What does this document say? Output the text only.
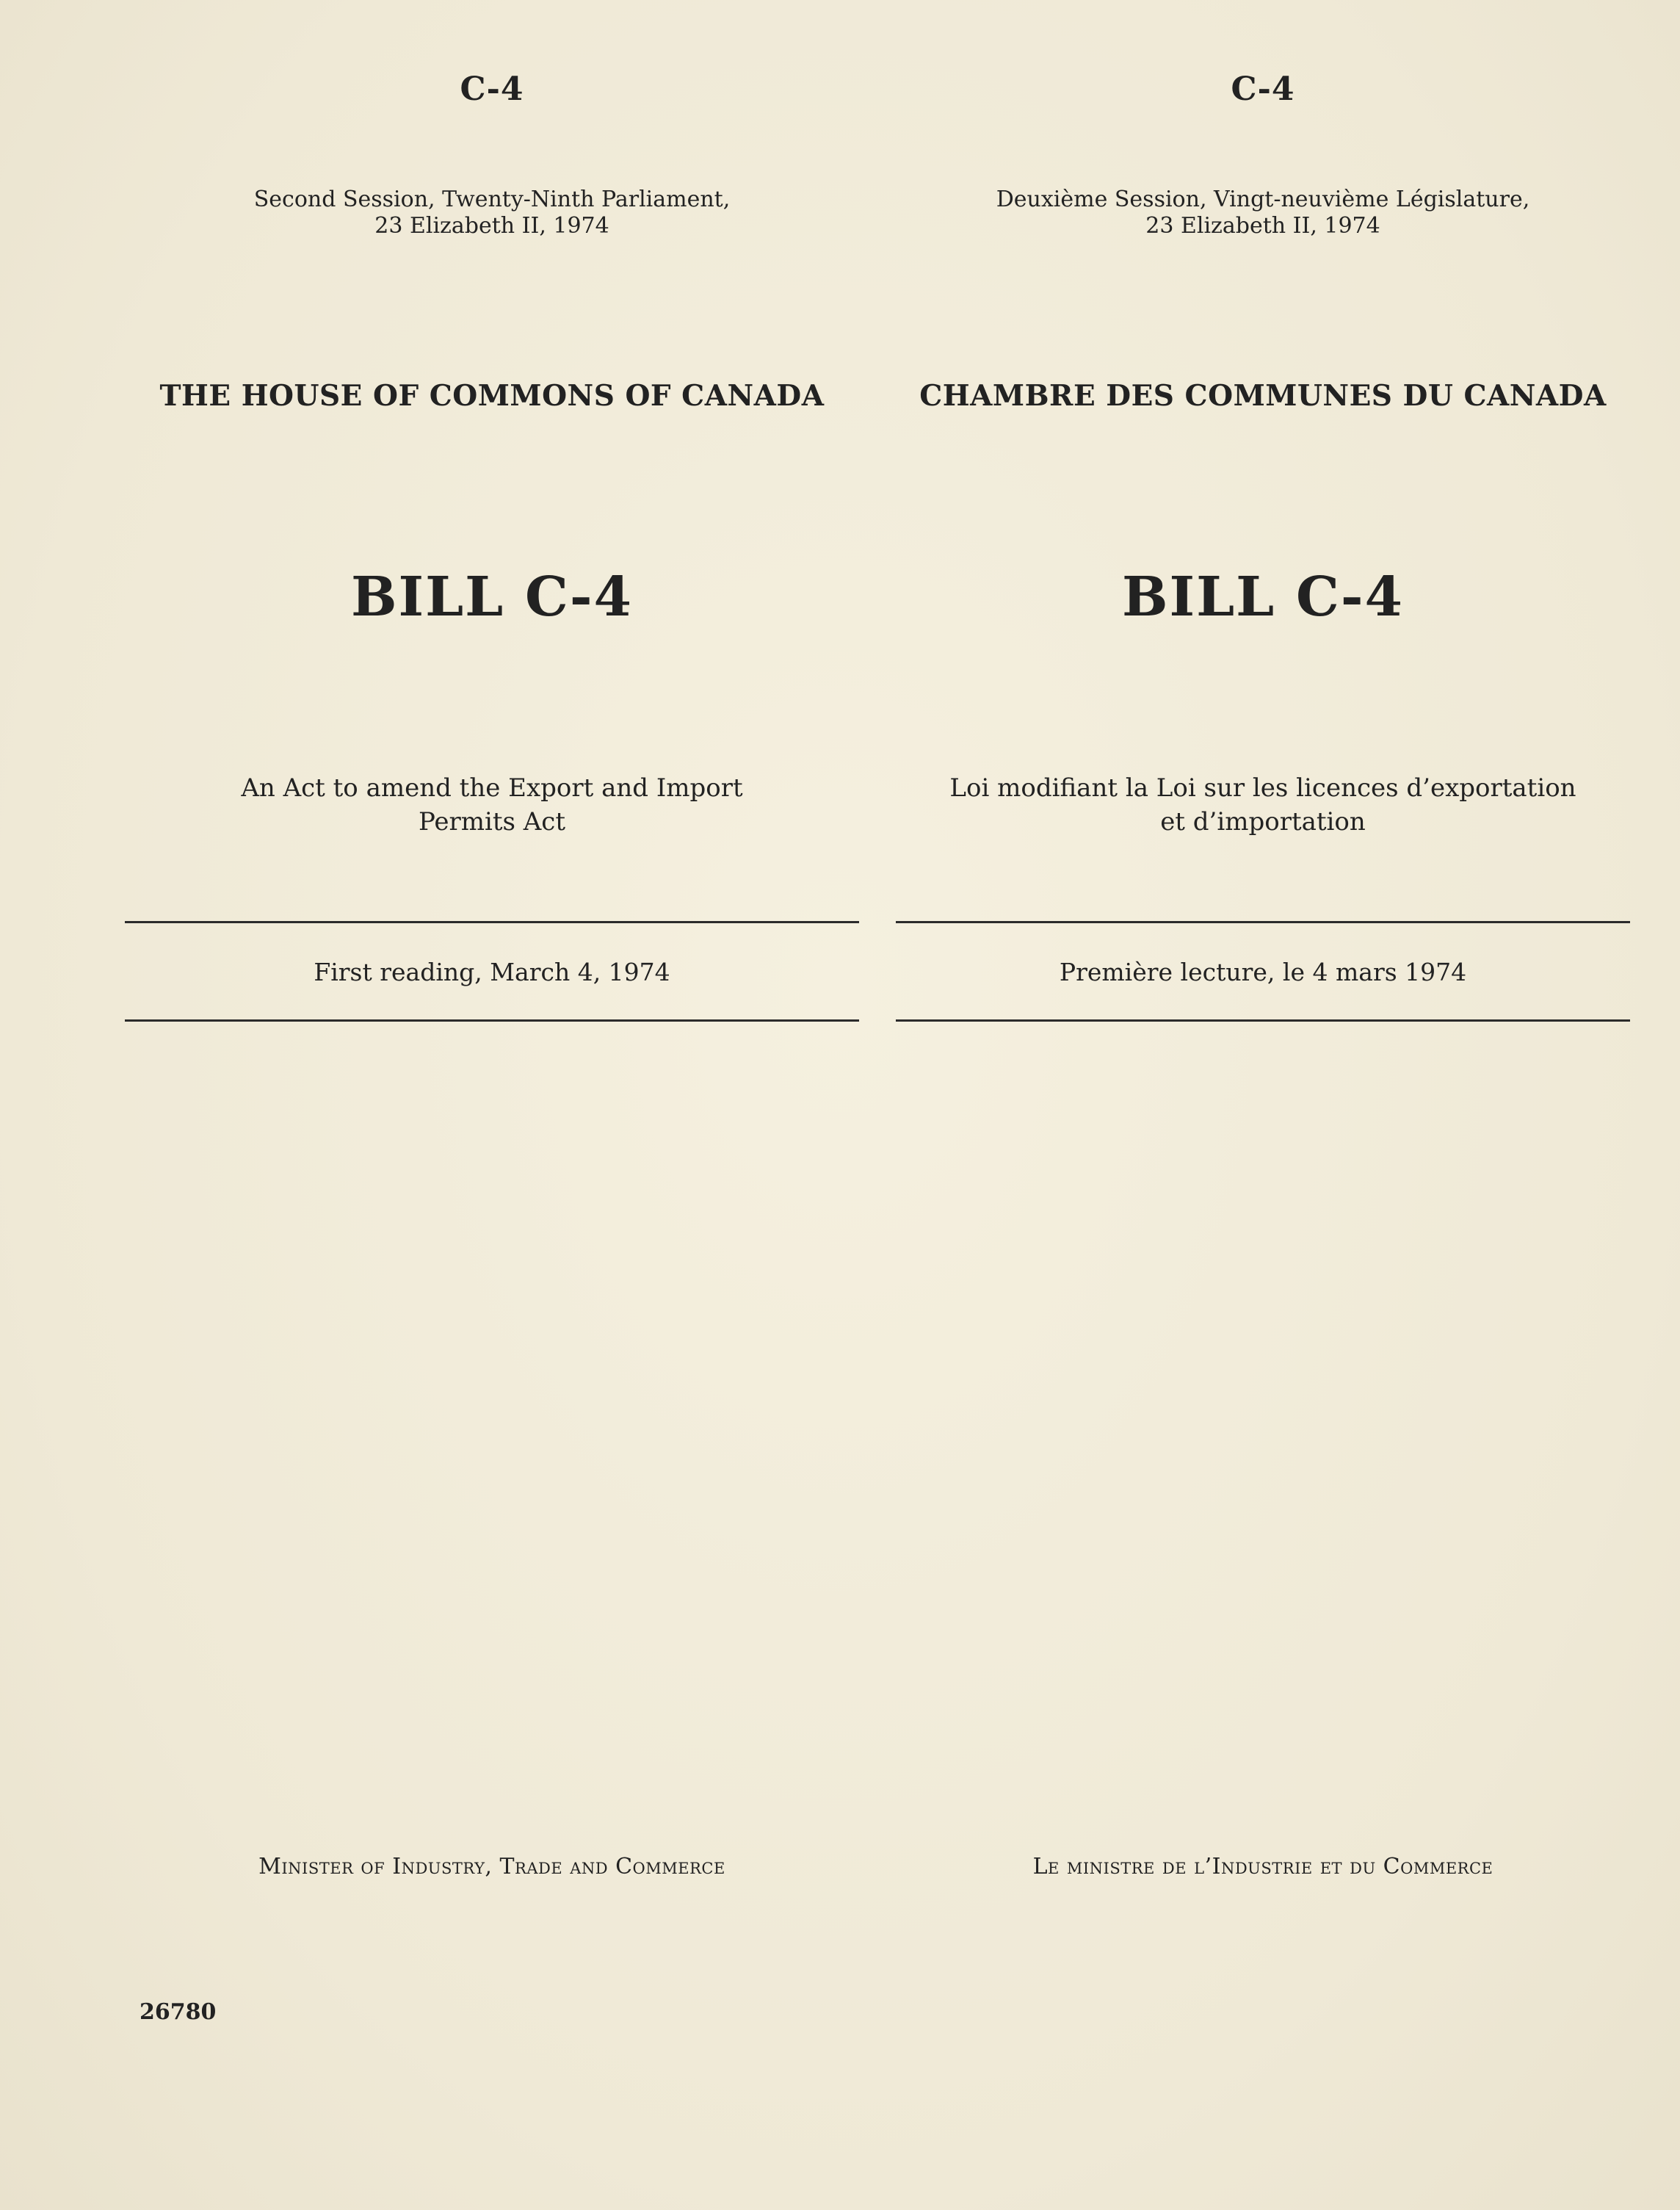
C-4
Second Session, Twenty-Ninth Parliament,
23 Elizabeth II, 1974
THE HOUSE OF COMMONS OF CANADA
BILL C-4
An Act to amend the Export and Import
Permits Act
First reading, March 4, 1974
Minister of Industry, Trade and Commerce
C-4
Deuxième Session, Vingt-neuvième Législature,
23 Elizabeth II, 1974
CHAMBRE DES COMMUNES DU CANADA
BILL C-4
Loi modifiant la Loi sur les licences d’exportation
et d’importation
Première lecture, le 4 mars 1974
Le ministre de l’Industrie et du Commerce
26780
